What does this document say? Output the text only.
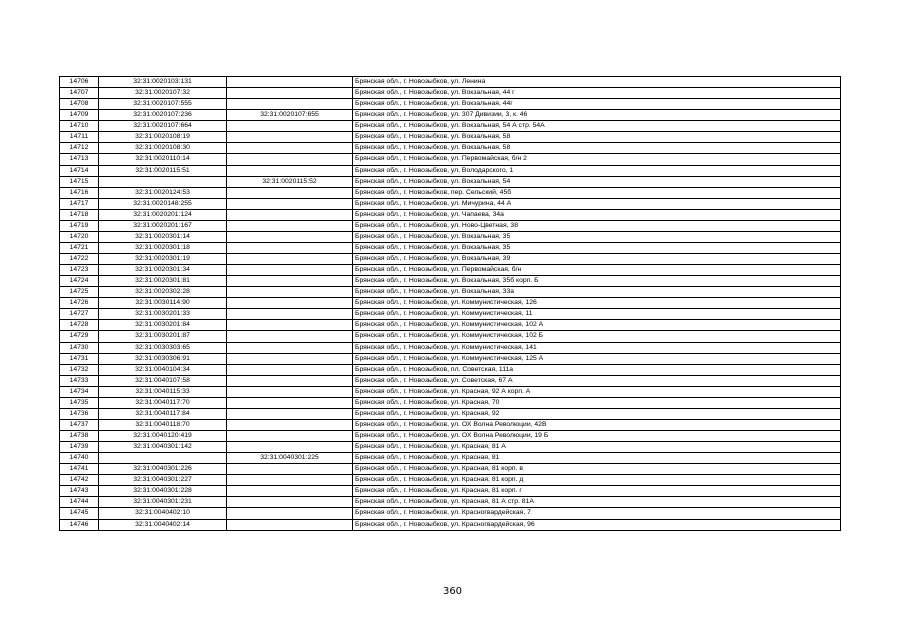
14706	32:31:0020103:131		Брянская обл., г. Новозыбков, ул. Ленина
14707	32:31:0020107:32		Брянская обл., г. Новозыбков, ул. Вокзальная, 44 г
14708	32:31:0020107:555		Брянская обл., г. Новозыбков, ул. Вокзальная, 44г
14709	32:31:0020107:236	32:31:0020107:655	Брянская обл., г. Новозыбков, ул. 307 Дивизии, 3, к. 46
14710	32:31:0020107:664		Брянская обл., г. Новозыбков, ул. Вокзальная, 54 А стр. 54А
14711	32:31:0020108:19		Брянская обл., г. Новозыбков, ул. Вокзальная, 58
14712	32:31:0020108:30		Брянская обл., г. Новозыбков, ул. Вокзальная, 58
14713	32:31:0020110:14		Брянская обл., г. Новозыбков, ул. Первомайская, б/н 2
14714	32:31:0020115:51		Брянская обл., г. Новозыбков, ул. Володарского, 1
14715		32:31:0020115:52	Брянская обл., г. Новозыбков, ул. Вокзальная, 54
14716	32:31:0020124:53		Брянская обл., г. Новозыбков, пер. Сельский, 45б
14717	32:31:0020148:255		Брянская обл., г. Новозыбков, ул. Мичурина, 44 А
14718	32:31:0020201:124		Брянская обл., г. Новозыбков, ул. Чапаева, 34а
14719	32:31:0020201:167		Брянская обл., г. Новозыбков, ул. Ново-Цветная, 38
14720	32:31:0020301:14		Брянская обл., г. Новозыбков, ул. Вокзальная, 35
14721	32:31:0020301:18		Брянская обл., г. Новозыбков, ул. Вокзальная, 35
14722	32:31:0020301:19		Брянская обл., г. Новозыбков, ул. Вокзальная, 39
14723	32:31:0020301:34		Брянская обл., г. Новозыбков, ул. Первомайская, б/н
14724	32:31:0020301:81		Брянская обл., г. Новозыбков, ул. Вокзальная, 35б корп. Б
14725	32:31:0020302:28		Брянская обл., г. Новозыбков, ул. Вокзальная, 33а
14726	32:31:0030114:90		Брянская обл., г. Новозыбков, ул. Коммунистическая, 126
14727	32:31:0030201:33		Брянская обл., г. Новозыбков, ул. Коммунистическая, 11
14728	32:31:0030201:84		Брянская обл., г. Новозыбков, ул. Коммунистическая, 102 А
14729	32:31:0030201:87		Брянская обл., г. Новозыбков, ул. Коммунистическая, 102 Б
14730	32:31:0030303:65		Брянская обл., г. Новозыбков, ул. Коммунистическая, 141
14731	32:31:0030306:91		Брянская обл., г. Новозыбков, ул. Коммунистическая, 125 А
14732	32:31:0040104:34		Брянская обл., г. Новозыбков, пл. Советская, 111а
14733	32:31:0040107:58		Брянская обл., г. Новозыбков, ул. Советская, 67 А
14734	32:31:0040115:33		Брянская обл., г. Новозыбков, ул. Красная, 92 А корп. А
14735	32:31:0040117:70		Брянская обл., г. Новозыбков, ул. Красная, 70
14736	32:31:0040117:84		Брянская обл., г. Новозыбков, ул. Красная, 92
14737	32:31:0040118:70		Брянская обл., г. Новозыбков, ул. ОХ Волна Революции, 42В
14738	32:31:0040120:419		Брянская обл., г. Новозыбков, ул. ОХ Волна Революции, 19 Б
14739	32:31:0040301:142		Брянская обл., г. Новозыбков, ул. Красная, 81 А
14740		32:31:0040301:225	Брянская обл., г. Новозыбков, ул. Красная, 81
14741	32:31:0040301:226		Брянская обл., г. Новозыбков, ул. Красная, 81 корп. в
14742	32:31:0040301:227		Брянская обл., г. Новозыбков, ул. Красная, 81 корп. д
14743	32:31:0040301:228		Брянская обл., г. Новозыбков, ул. Красная, 81 корп. г
14744	32:31:0040301:231		Брянская обл., г. Новозыбков, ул. Красная, 81 А стр. 81А
14745	32:31:0040402:10		Брянская обл., г. Новозыбков, ул. Красногвардейская, 7
14746	32:31:0040402:14		Брянская обл., г. Новозыбков, ул. Красногвардейская, 96
360
